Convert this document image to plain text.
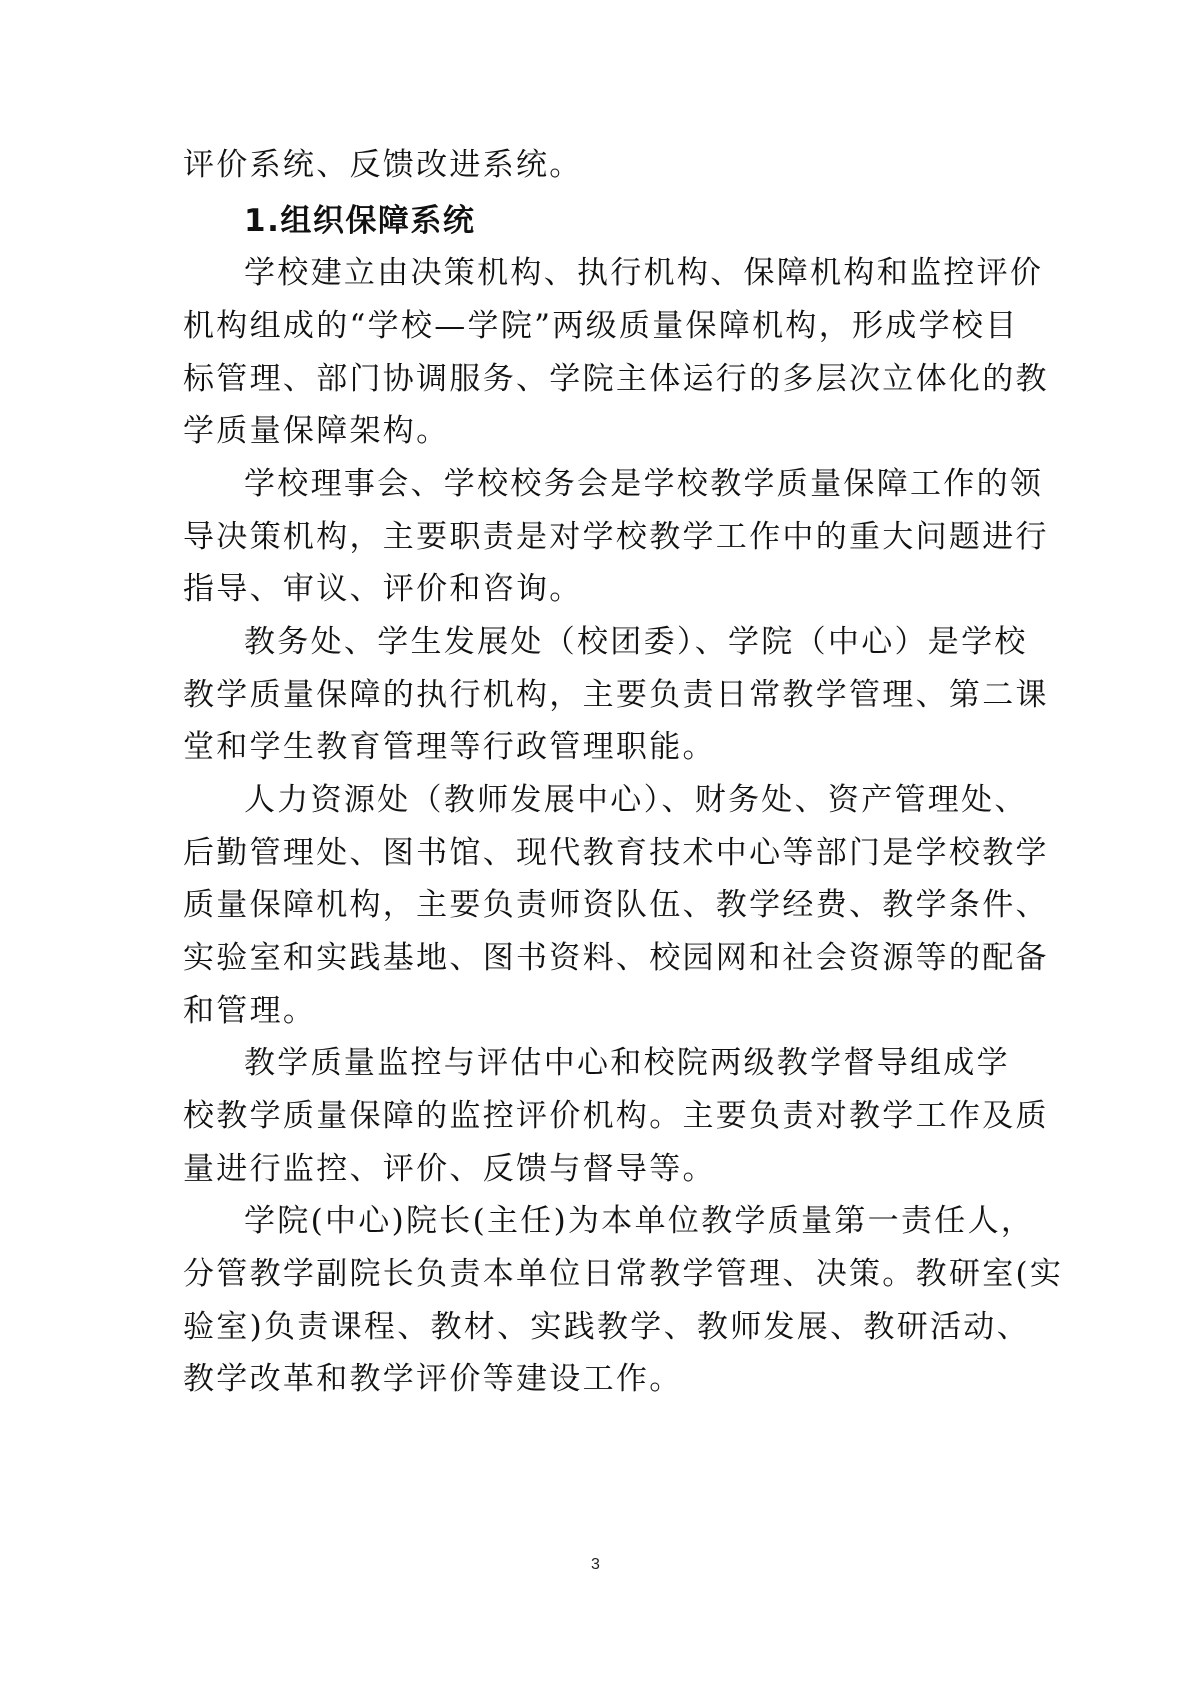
评价系统、反馈改进系统。
1.组织保障系统
学校建立由决策机构、执行机构、保障机构和监控评价
机构组成的“学校—学院”两级质量保障机构，形成学校目
标管理、部门协调服务、学院主体运行的多层次立体化的教
学质量保障架构。
学校理事会、学校校务会是学校教学质量保障工作的领
导决策机构，主要职责是对学校教学工作中的重大问题进行
指导、审议、评价和咨询。
教务处、学生发展处（校团委）、学院（中心）是学校
教学质量保障的执行机构，主要负责日常教学管理、第二课
堂和学生教育管理等行政管理职能。
人力资源处（教师发展中心）、财务处、资产管理处、
后勤管理处、图书馆、现代教育技术中心等部门是学校教学
质量保障机构，主要负责师资队伍、教学经费、教学条件、
实验室和实践基地、图书资料、校园网和社会资源等的配备
和管理。
教学质量监控与评估中心和校院两级教学督导组成学
校教学质量保障的监控评价机构。主要负责对教学工作及质
量进行监控、评价、反馈与督导等。
学院(中心)院长(主任)为本单位教学质量第一责任人，
分管教学副院长负责本单位日常教学管理、决策。教研室(实
验室)负责课程、教材、实践教学、教师发展、教研活动、
教学改革和教学评价等建设工作。
3
